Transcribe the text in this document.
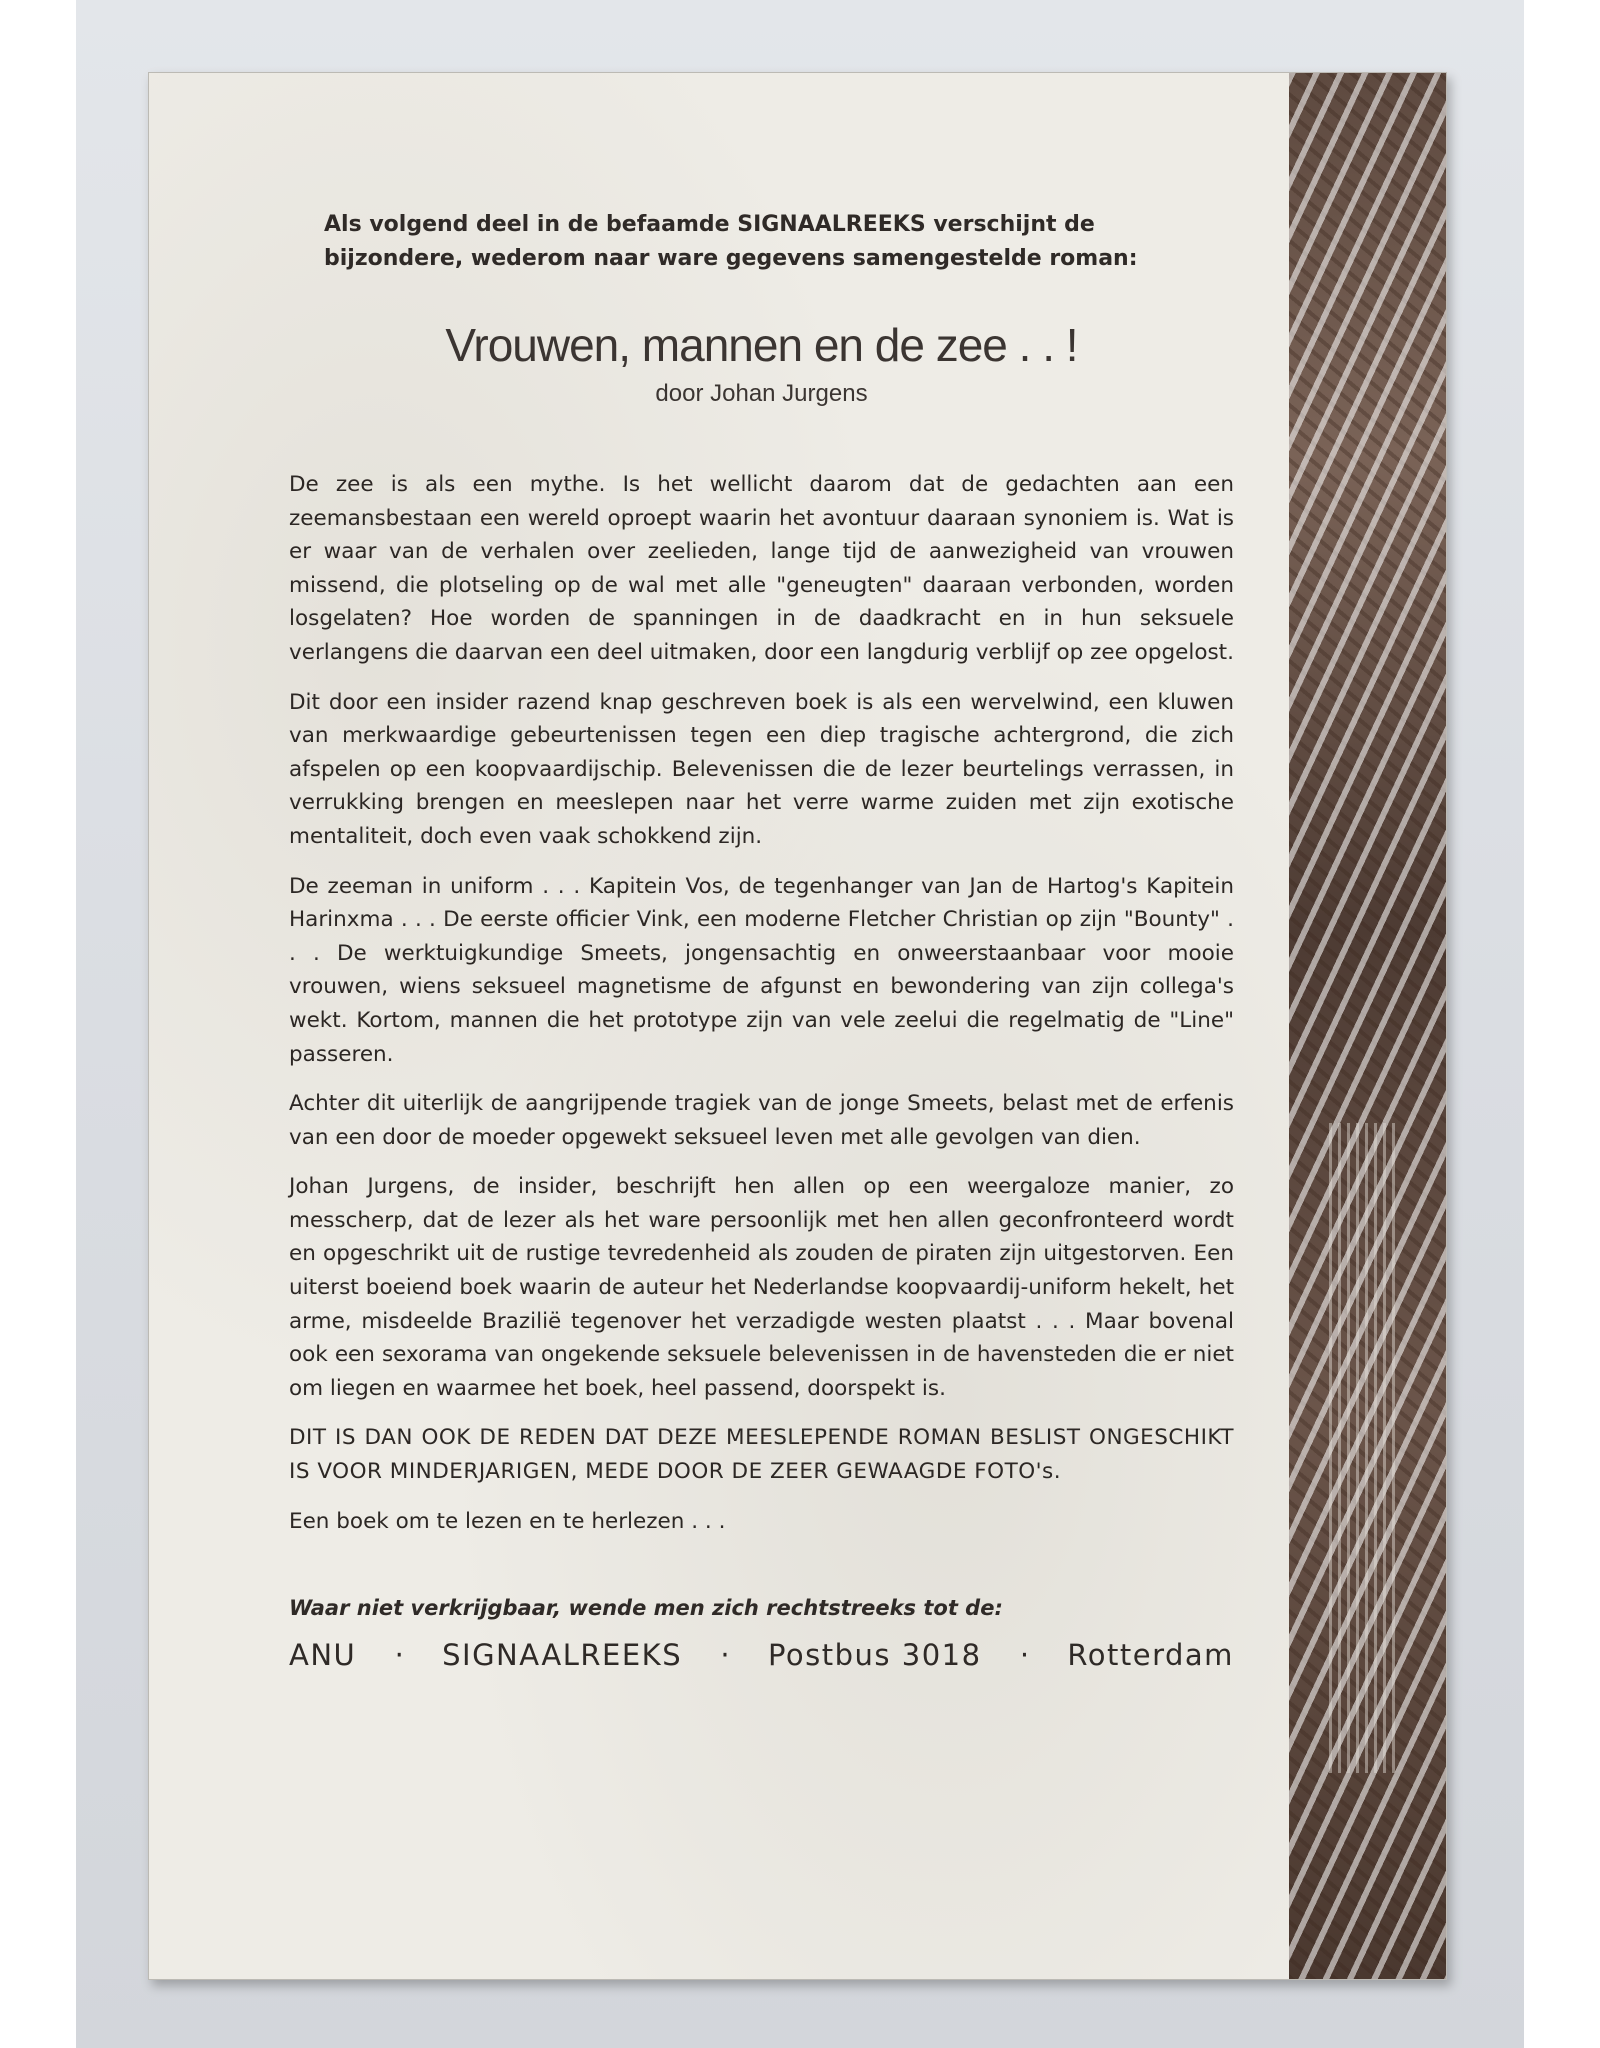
Als volgend deel in de befaamde SIGNAALREEKS verschijnt de

bijzondere, wederom naar ware gegevens samengestelde roman:

Vrouwen, mannen en de zee . . !
door Johan Jurgens

De zee is als een mythe. Is het wellicht daarom dat de gedachten aan een zeemansbestaan een wereld oproept waarin het avontuur daaraan synoniem is. Wat is er waar van de verhalen over zeelieden, lange tijd de aanwezigheid van vrouwen missend, die plotseling op de wal met alle "geneugten" daaraan verbonden, worden losgelaten? Hoe worden de spanningen in de daadkracht en in hun seksuele verlangens die daarvan een deel uitmaken, door een langdurig verblijf op zee opgelost.

Dit door een insider razend knap geschreven boek is als een wervelwind, een kluwen van merkwaardige gebeurtenissen tegen een diep tragische achtergrond, die zich afspelen op een koopvaardijschip. Belevenissen die de lezer beurtelings verrassen, in verrukking brengen en meeslepen naar het verre warme zuiden met zijn exotische mentaliteit, doch even vaak schokkend zijn.

De zeeman in uniform . . . Kapitein Vos, de tegenhanger van Jan de Hartog's Kapitein Harinxma . . . De eerste officier Vink, een moderne Fletcher Christian op zijn "Bounty" . . . De werktuigkundige Smeets, jongensachtig en onweerstaanbaar voor mooie vrouwen, wiens seksueel magnetisme de afgunst en bewondering van zijn collega's wekt. Kortom, mannen die het prototype zijn van vele zeelui die regelmatig de "Line" passeren.

Achter dit uiterlijk de aangrijpende tragiek van de jonge Smeets, belast met de erfenis van een door de moeder opgewekt seksueel leven met alle gevolgen van dien.

Johan Jurgens, de insider, beschrijft hen allen op een weergaloze manier, zo messcherp, dat de lezer als het ware persoonlijk met hen allen geconfronteerd wordt en opgeschrikt uit de rustige tevredenheid als zouden de piraten zijn uitgestorven. Een uiterst boeiend boek waarin de auteur het Nederlandse koopvaardij-uniform hekelt, het arme, misdeelde Brazilië tegenover het verzadigde westen plaatst . . . Maar bovenal ook een sexorama van ongekende seksuele belevenissen in de havensteden die er niet om liegen en waarmee het boek, heel passend, doorspekt is.

DIT IS DAN OOK DE REDEN DAT DEZE MEESLEPENDE ROMAN BESLIST ONGESCHIKT IS VOOR MINDERJARIGEN, MEDE DOOR DE ZEER GEWAAGDE FOTO's.

Een boek om te lezen en te herlezen . . .

Waar niet verkrijgbaar, wende men zich rechtstreeks tot de:
ANU · SIGNAALREEKS · Postbus 3018 · Rotterdam
